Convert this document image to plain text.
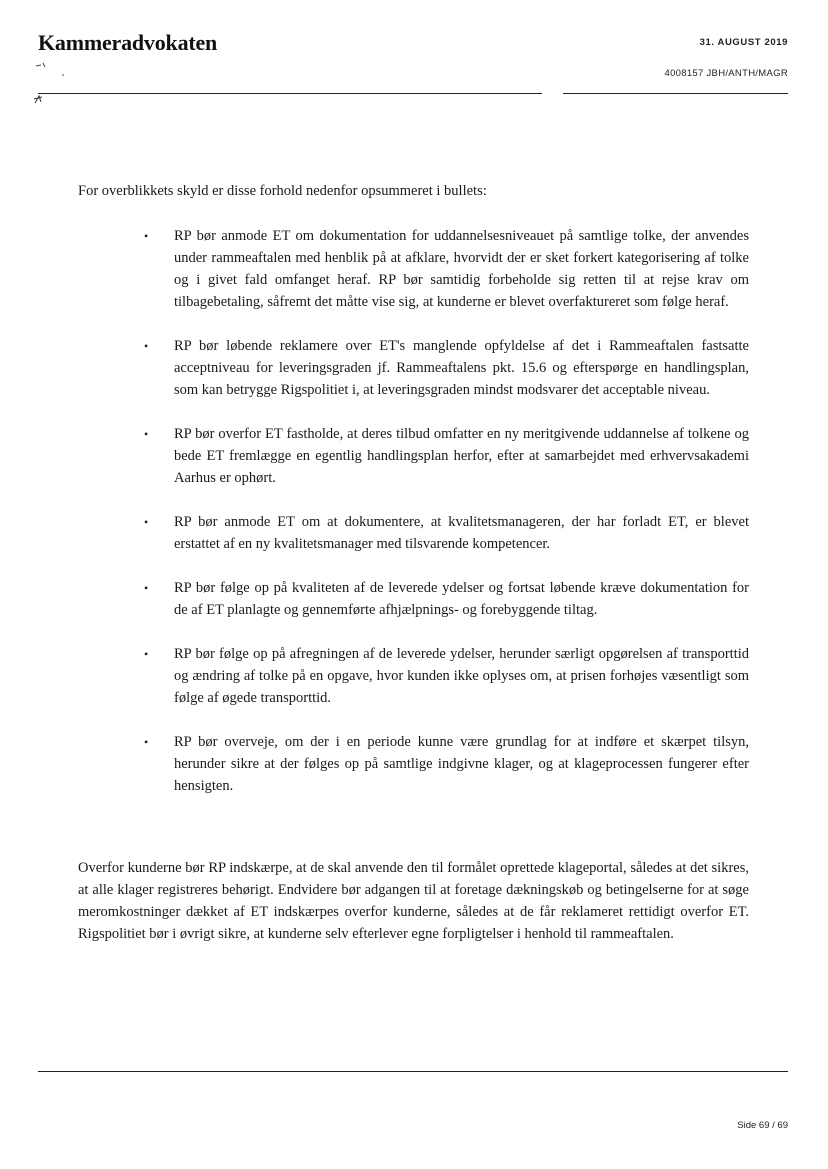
Kammeradvokaten	31. AUGUST 2019
4008157 JBH/ANTH/MAGR

For overblikkets skyld er disse forhold nedenfor opsummeret i bullets:

• RP bør anmode ET om dokumentation for uddannelsesniveauet på samtlige tolke, der anvendes under rammeaftalen med henblik på at afklare, hvorvidt der er sket forkert kategorisering af tolke og i givet fald omfanget heraf. RP bør samtidig forbeholde sig retten til at rejse krav om tilbagebetaling, såfremt det måtte vise sig, at kunderne er blevet overfaktureret som følge heraf.
• RP bør løbende reklamere over ET's manglende opfyldelse af det i Rammeaftalen fastsatte acceptniveau for leveringsgraden jf. Rammeaftalens pkt. 15.6 og efterspørge en handlingsplan, som kan betrygge Rigspolitiet i, at leveringsgraden mindst modsvarer det acceptable niveau.
• RP bør overfor ET fastholde, at deres tilbud omfatter en ny meritgivende uddannelse af tolkene og bede ET fremlægge en egentlig handlingsplan herfor, efter at samarbejdet med erhvervsakademi Aarhus er ophørt.
• RP bør anmode ET om at dokumentere, at kvalitetsmanageren, der har forladt ET, er blevet erstattet af en ny kvalitetsmanager med tilsvarende kompetencer.
• RP bør følge op på kvaliteten af de leverede ydelser og fortsat løbende kræve dokumentation for de af ET planlagte og gennemførte afhjælpnings- og forebyggende tiltag.
• RP bør følge op på afregningen af de leverede ydelser, herunder særligt opgørelsen af transporttid og ændring af tolke på en opgave, hvor kunden ikke oplyses om, at prisen forhøjes væsentligt som følge af øgede transporttid.
• RP bør overveje, om der i en periode kunne være grundlag for at indføre et skærpet tilsyn, herunder sikre at der følges op på samtlige indgivne klager, og at klageprocessen fungerer efter hensigten.

Overfor kunderne bør RP indskærpe, at de skal anvende den til formålet oprettede klageportal, således at det sikres, at alle klager registreres behørigt. Endvidere bør adgangen til at foretage dækningskøb og betingelserne for at søge meromkostninger dækket af ET indskærpes overfor kunderne, således at de får reklameret rettidigt overfor ET. Rigspolitiet bør i øvrigt sikre, at kunderne selv efterlever egne forpligtelser i henhold til rammeaftalen.

Side 69 / 69
